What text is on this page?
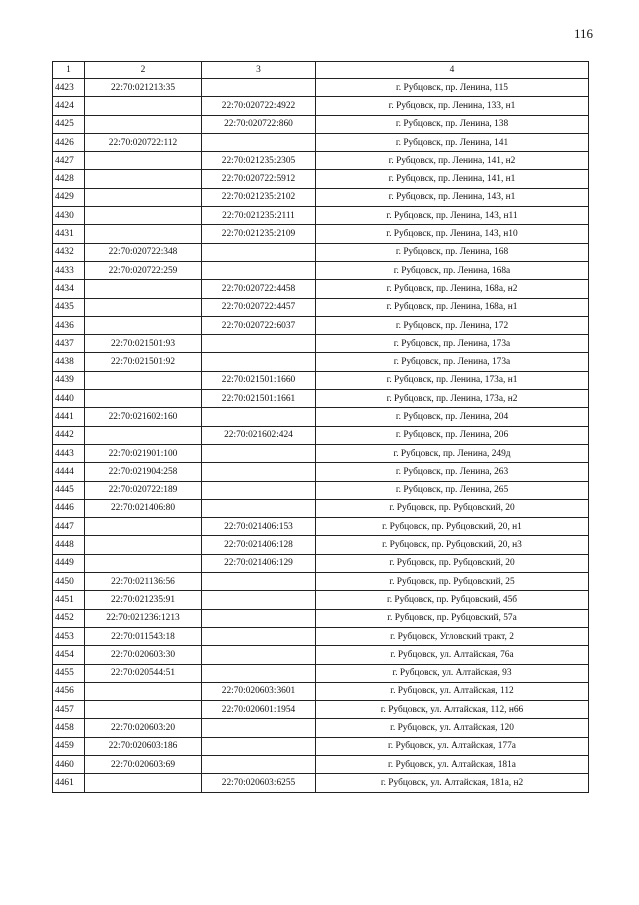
116
1	2	3	4
4423	22:70:021213:35		г. Рубцовск, пр. Ленина, 115
4424		22:70:020722:4922	г. Рубцовск, пр. Ленина, 133, н1
4425		22:70:020722:860	г. Рубцовск, пр. Ленина, 138
4426	22:70:020722:112		г. Рубцовск, пр. Ленина, 141
4427		22:70:021235:2305	г. Рубцовск, пр. Ленина, 141, н2
4428		22:70:020722:5912	г. Рубцовск, пр. Ленина, 141, н1
4429		22:70:021235:2102	г. Рубцовск, пр. Ленина, 143, н1
4430		22:70:021235:2111	г. Рубцовск, пр. Ленина, 143, н11
4431		22:70:021235:2109	г. Рубцовск, пр. Ленина, 143, н10
4432	22:70:020722:348		г. Рубцовск, пр. Ленина, 168
4433	22:70:020722:259		г. Рубцовск, пр. Ленина, 168а
4434		22:70:020722:4458	г. Рубцовск, пр. Ленина, 168а, н2
4435		22:70:020722:4457	г. Рубцовск, пр. Ленина, 168а, н1
4436		22:70:020722:6037	г. Рубцовск, пр. Ленина, 172
4437	22:70:021501:93		г. Рубцовск, пр. Ленина, 173а
4438	22:70:021501:92		г. Рубцовск, пр. Ленина, 173а
4439		22:70:021501:1660	г. Рубцовск, пр. Ленина, 173а, н1
4440		22:70:021501:1661	г. Рубцовск, пр. Ленина, 173а, н2
4441	22:70:021602:160		г. Рубцовск, пр. Ленина, 204
4442		22:70:021602:424	г. Рубцовск, пр. Ленина, 206
4443	22:70:021901:100		г. Рубцовск, пр. Ленина, 249д
4444	22:70:021904:258		г. Рубцовск, пр. Ленина, 263
4445	22:70:020722:189		г. Рубцовск, пр. Ленина, 265
4446	22:70:021406:80		г. Рубцовск, пр. Рубцовский, 20
4447		22:70:021406:153	г. Рубцовск, пр. Рубцовский, 20, н1
4448		22:70:021406:128	г. Рубцовск, пр. Рубцовский, 20, н3
4449		22:70:021406:129	г. Рубцовск, пр. Рубцовский, 20
4450	22:70:021136:56		г. Рубцовск, пр. Рубцовский, 25
4451	22:70:021235:91		г. Рубцовск, пр. Рубцовский, 45б
4452	22:70:021236:1213		г. Рубцовск, пр. Рубцовский, 57а
4453	22:70:011543:18		г. Рубцовск, Угловский тракт, 2
4454	22:70:020603:30		г. Рубцовск, ул. Алтайская, 76а
4455	22:70:020544:51		г. Рубцовск, ул. Алтайская, 93
4456		22:70:020603:3601	г. Рубцовск, ул. Алтайская, 112
4457		22:70:020601:1954	г. Рубцовск, ул. Алтайская, 112, н66
4458	22:70:020603:20		г. Рубцовск, ул. Алтайская, 120
4459	22:70:020603:186		г. Рубцовск, ул. Алтайская, 177а
4460	22:70:020603:69		г. Рубцовск, ул. Алтайская, 181а
4461		22:70:020603:6255	г. Рубцовск, ул. Алтайская, 181а, н2
